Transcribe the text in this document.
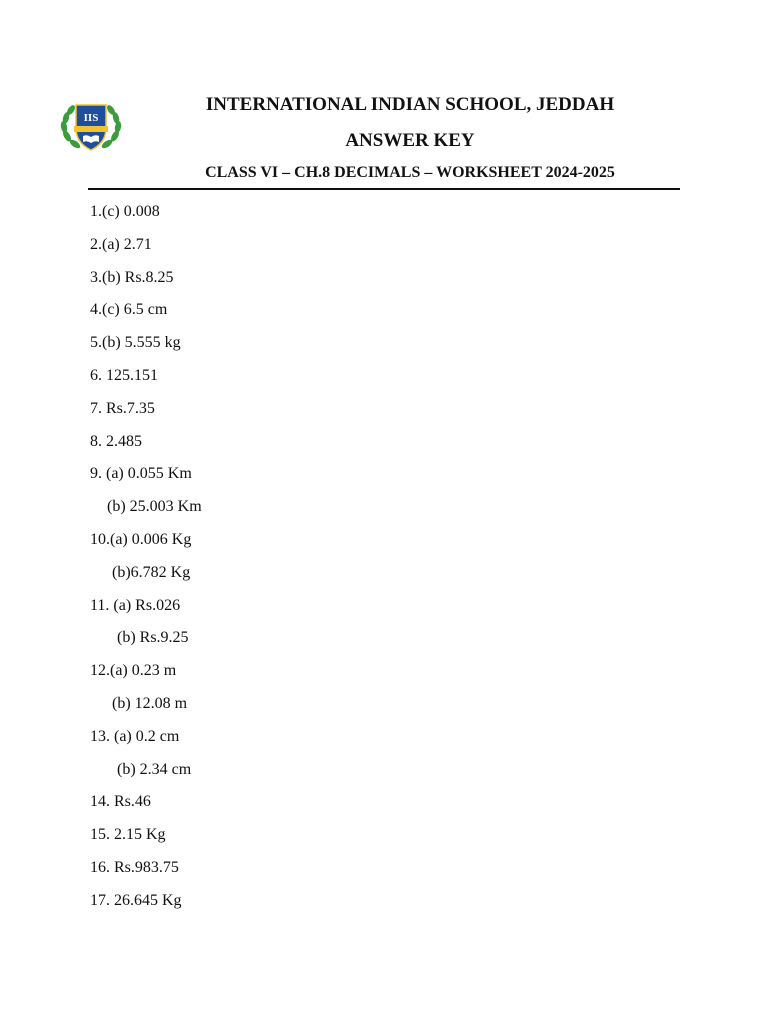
IIS
INTERNATIONAL INDIAN SCHOOL, JEDDAH
ANSWER KEY
CLASS VI – CH.8 DECIMALS – WORKSHEET 2024-2025
1.(c) 0.008
2.(a) 2.71
3.(b) Rs.8.25
4.(c) 6.5 cm
5.(b) 5.555 kg
6. 125.151
7. Rs.7.35
8. 2.485
9. (a) 0.055 Km
(b) 25.003 Km
10.(a) 0.006 Kg
(b)6.782 Kg
11. (a) Rs.026
(b) Rs.9.25
12.(a) 0.23 m
(b) 12.08 m
13. (a) 0.2 cm
(b) 2.34 cm
14. Rs.46
15. 2.15 Kg
16. Rs.983.75
17. 26.645 Kg
